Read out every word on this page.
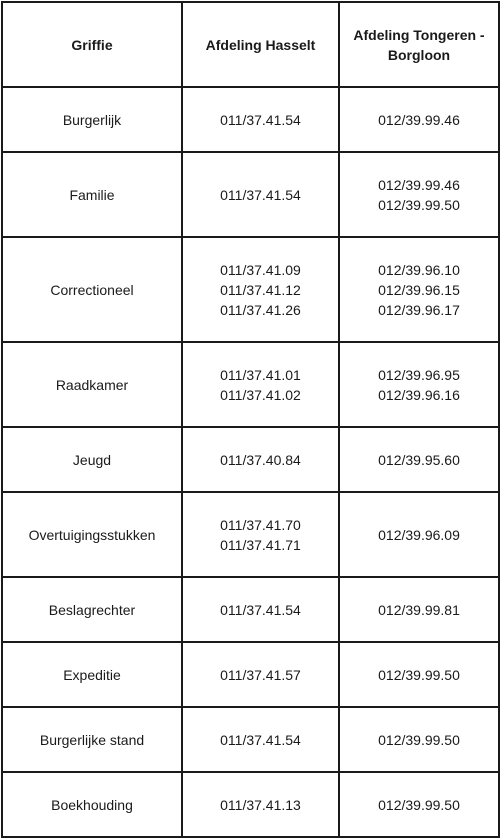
Griffie	Afdeling Hasselt	Afdeling Tongeren -
Borgloon

Burgerlijk	011/37.41.54	012/39.99.46

Familie	011/37.41.54	012/39.99.46
012/39.99.50

Correctioneel	011/37.41.09
011/37.41.12
011/37.41.26	012/39.96.10
012/39.96.15
012/39.96.17

Raadkamer	011/37.41.01
011/37.41.02	012/39.96.95
012/39.96.16

Jeugd	011/37.40.84	012/39.95.60

Overtuigingsstukken	011/37.41.70
011/37.41.71	012/39.96.09

Beslagrechter	011/37.41.54	012/39.99.81

Expeditie	011/37.41.57	012/39.99.50

Burgerlijke stand	011/37.41.54	012/39.99.50

Boekhouding	011/37.41.13	012/39.99.50
